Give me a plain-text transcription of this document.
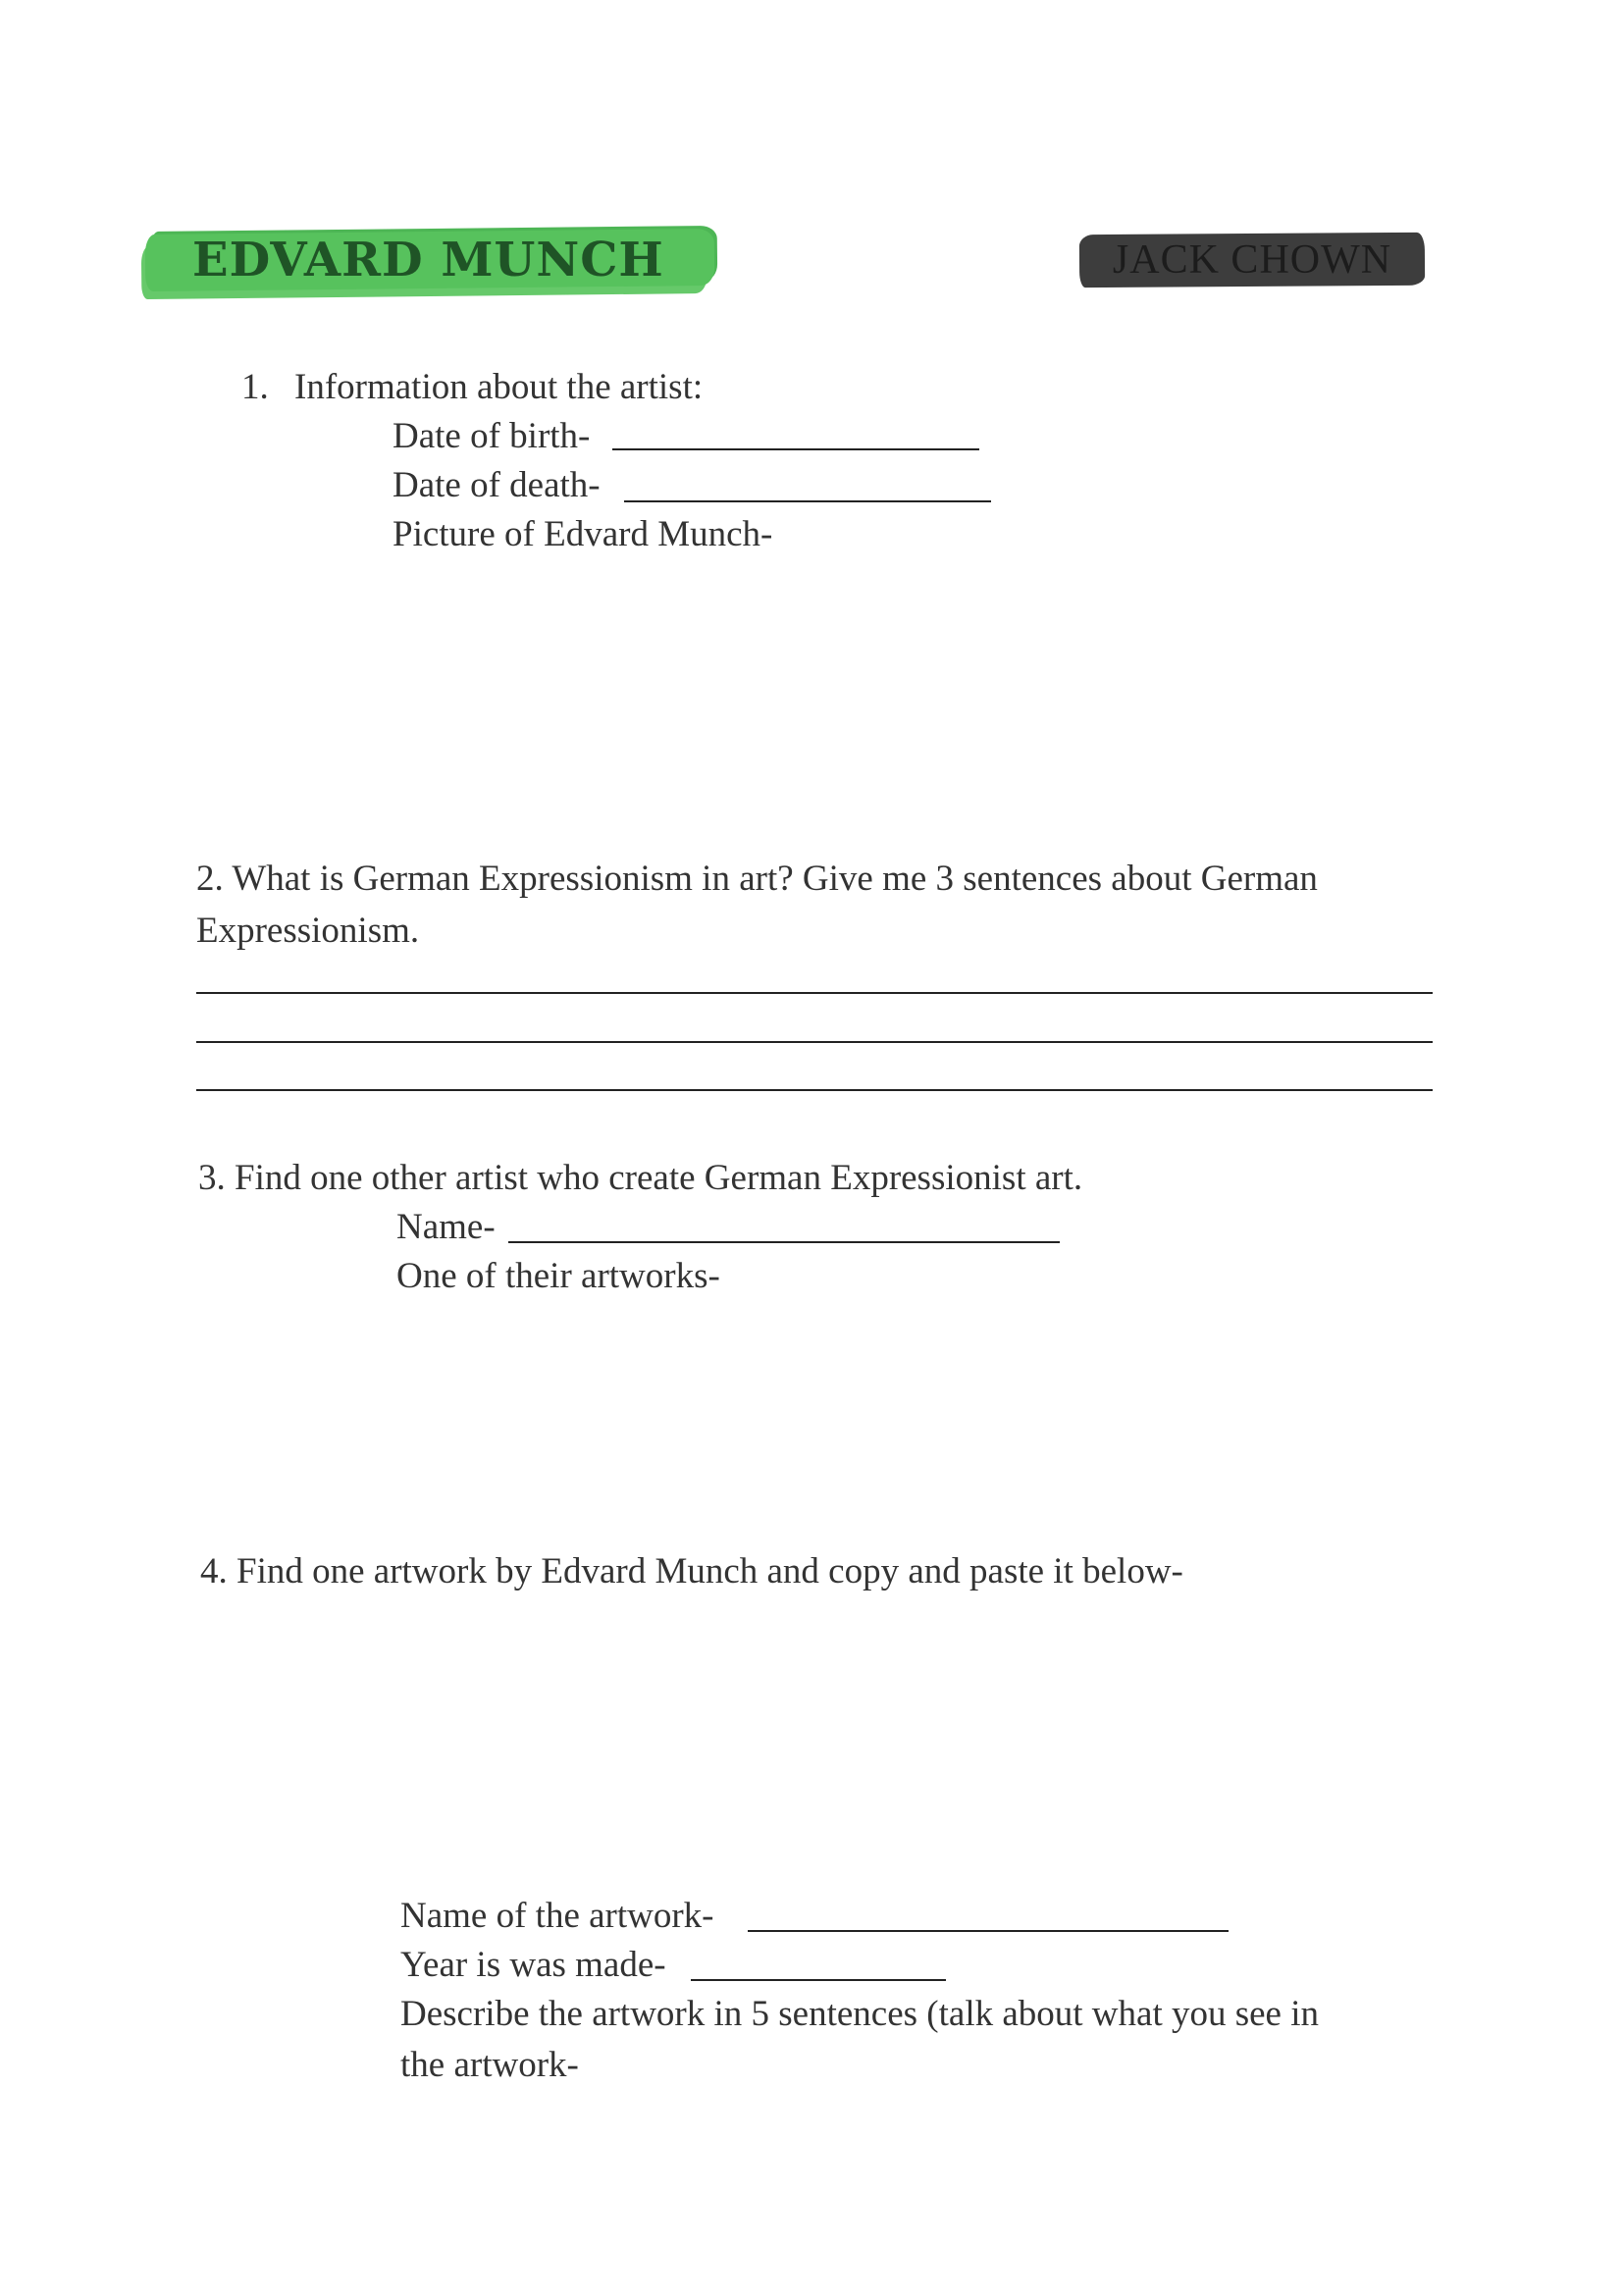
EDVARD MUNCH	JACK CHOWN
1. Information about the artist:
Date of birth-
Date of death-
Picture of Edvard Munch-
2. What is German Expressionism in art? Give me 3 sentences about German
Expressionism.
3. Find one other artist who create German Expressionist art.
Name-
One of their artworks-
4. Find one artwork by Edvard Munch and copy and paste it below-
Name of the artwork-
Year is was made-
Describe the artwork in 5 sentences (talk about what you see in
the artwork-
